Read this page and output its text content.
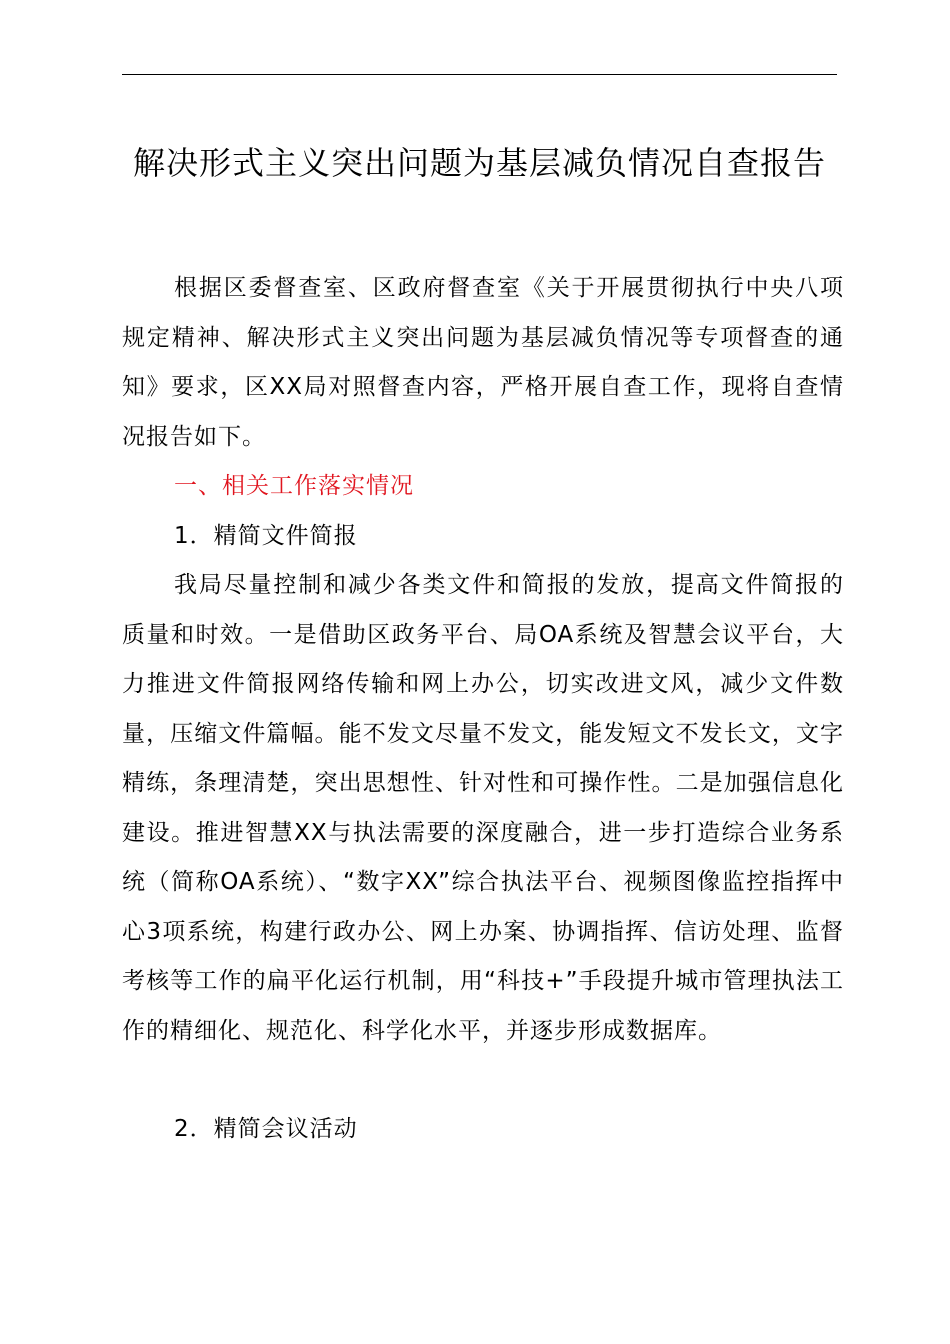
解决形式主义突出问题为基层减负情况自查报告

根据区委督查室、区政府督查室《关于开展贯彻执行中央八项规定精神、解决形式主义突出问题为基层减负情况等专项督查的通知》要求，区XX局对照督查内容，严格开展自查工作，现将自查情况报告如下。

一、相关工作落实情况
1．精简文件简报

我局尽量控制和减少各类文件和简报的发放，提高文件简报的质量和时效。一是借助区政务平台、局OA系统及智慧会议平台，大力推进文件简报网络传输和网上办公，切实改进文风，减少文件数量，压缩文件篇幅。能不发文尽量不发文，能发短文不发长文，文字精练，条理清楚，突出思想性、针对性和可操作性。二是加强信息化建设。推进智慧XX与执法需要的深度融合，进一步打造综合业务系统（简称OA系统）、“数字XX”综合执法平台、视频图像监控指挥中心3项系统，构建行政办公、网上办案、协调指挥、信访处理、监督考核等工作的扁平化运行机制，用“科技+”手段提升城市管理执法工作的精细化、规范化、科学化水平，并逐步形成数据库。

2．精简会议活动
